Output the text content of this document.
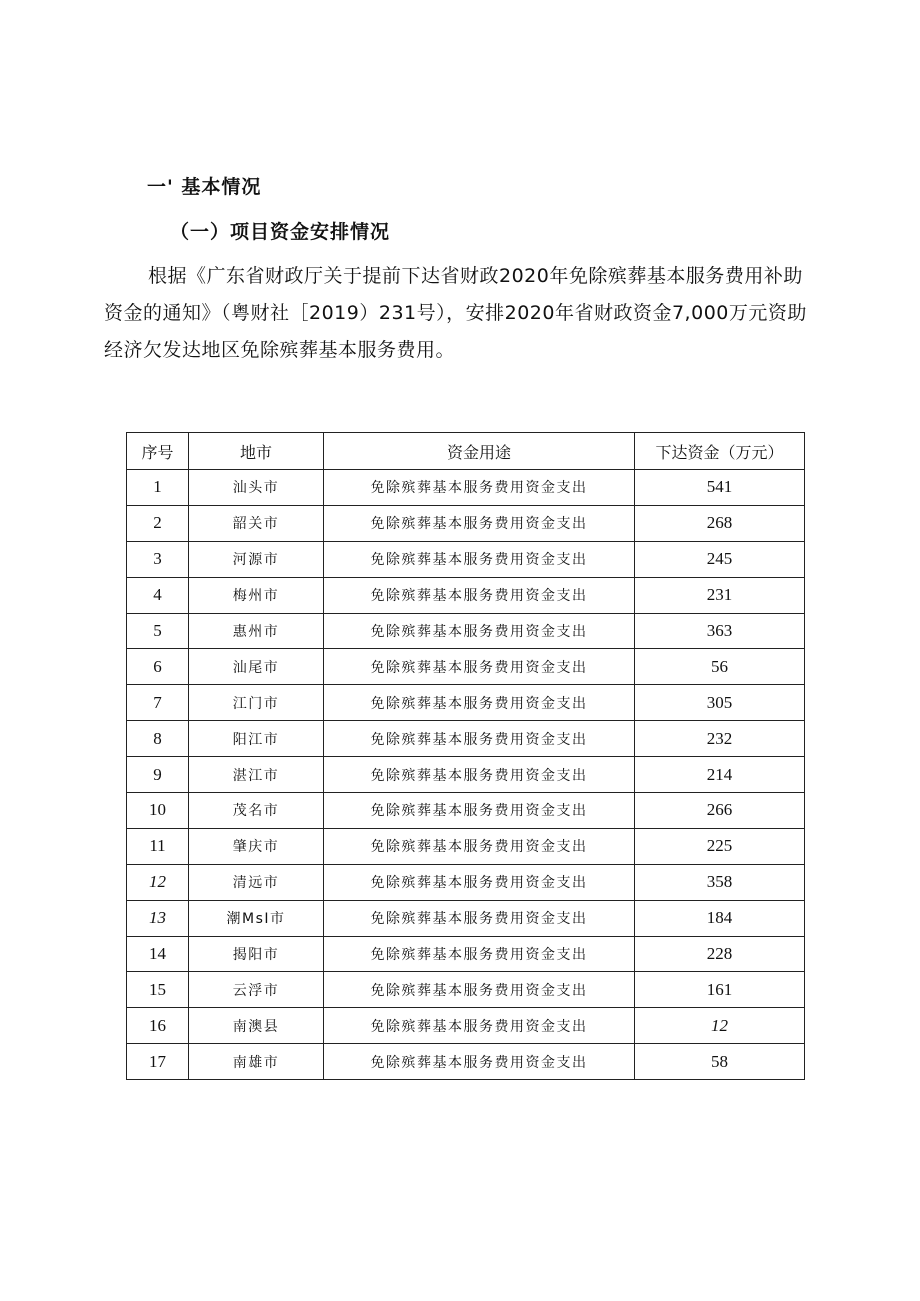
一' 基本情况
（一）项目资金安排情况

根据《广东省财政厅关于提前下达省财政2020年免除殡葬基本服务费用补助资金的通知》（粤财社［2019）231号），安排2020年省财政资金7,000万元资助经济欠发达地区免除殡葬基本服务费用。

序号	地市	资金用途	下达资金（万元）
1	汕头市	免除殡葬基本服务费用资金支出	541
2	韶关市	免除殡葬基本服务费用资金支出	268
3	河源市	免除殡葬基本服务费用资金支出	245
4	梅州市	免除殡葬基本服务费用资金支出	231
5	惠州市	免除殡葬基本服务费用资金支出	363
6	汕尾市	免除殡葬基本服务费用资金支出	56
7	江门市	免除殡葬基本服务费用资金支出	305
8	阳江市	免除殡葬基本服务费用资金支出	232
9	湛江市	免除殡葬基本服务费用资金支出	214
10	茂名市	免除殡葬基本服务费用资金支出	266
11	肇庆市	免除殡葬基本服务费用资金支出	225
12	清远市	免除殡葬基本服务费用资金支出	358
13	潮MsI市	免除殡葬基本服务费用资金支出	184
14	揭阳市	免除殡葬基本服务费用资金支出	228
15	云浮市	免除殡葬基本服务费用资金支出	161
16	南澳县	免除殡葬基本服务费用资金支出	12
17	南雄市	免除殡葬基本服务费用资金支出	58
